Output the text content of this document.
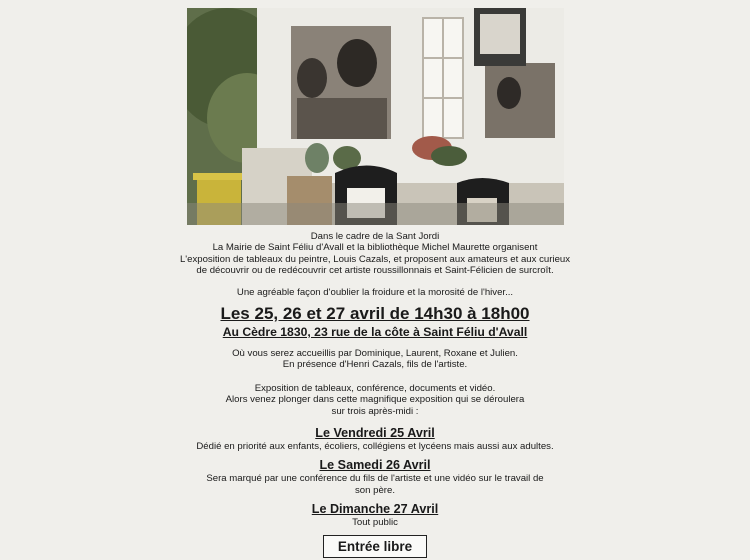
Dans le cadre de la Sant Jordi

La Mairie de Saint Féliu d'Avall et la bibliothèque Michel Maurette organisent

L'exposition de tableaux du peintre, Louis Cazals, et proposent aux amateurs et aux curieux

de découvrir ou de redécouvrir cet artiste roussillonnais et Saint-Félicien de surcroît.

Une agréable façon d'oublier la froidure et la morosité de l'hiver...

Les 25, 26 et 27 avril de 14h30 à 18h00
Au Cèdre 1830, 23 rue de la côte à Saint Féliu d'Avall

Où vous serez accueillis par Dominique, Laurent, Roxane et Julien.

En présence d'Henri Cazals, fils de l'artiste.

Exposition de tableaux, conférence, documents et vidéo.

Alors venez plonger dans cette magnifique exposition qui se déroulera

sur trois après-midi :

Le Vendredi 25 Avril

Dédié en priorité aux enfants, écoliers, collégiens et lycéens mais aussi aux adultes.

Le Samedi 26 Avril

Sera marqué par une conférence du fils de l'artiste et une vidéo sur le travail de

son père.

Le Dimanche 27 Avril

Tout public

Entrée libre
